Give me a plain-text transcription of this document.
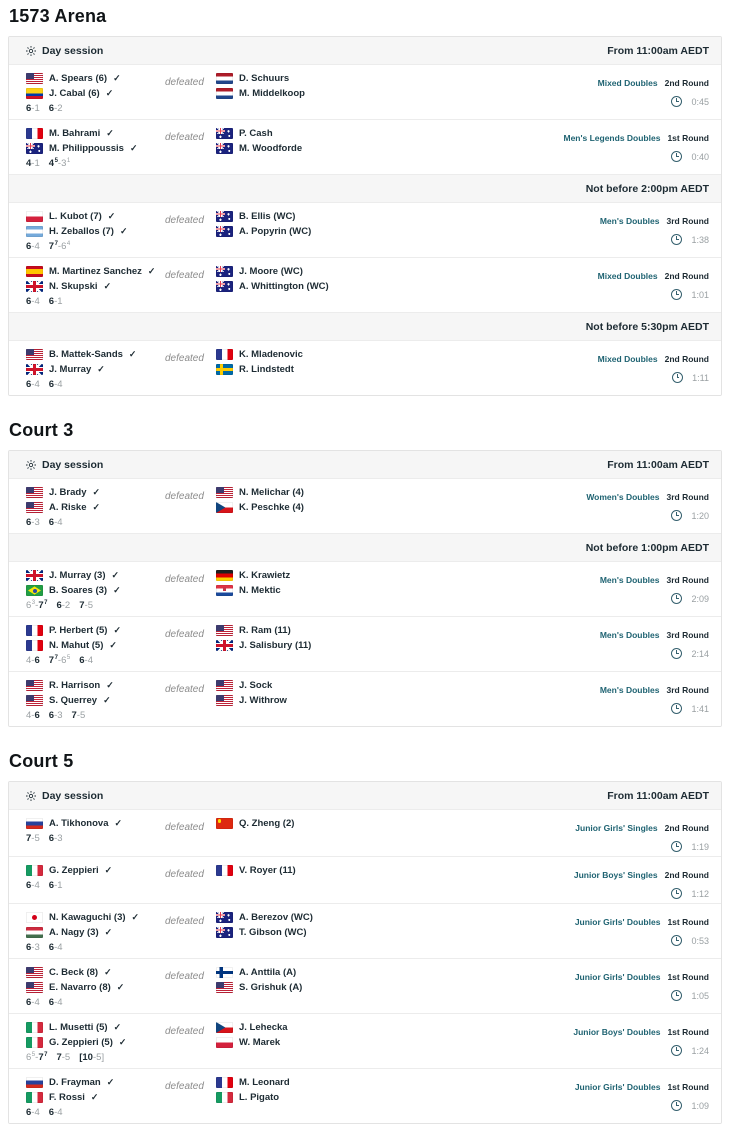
1573 Arena
Day session	From 11:00am AEDT
A. Spears (6) ✓
J. Cabal (6) ✓
6-1 6-2
defeated	D. Schuurs
M. Middelkoop
Mixed Doubles 2nd Round
0:45
M. Bahrami ✓
M. Philippoussis ✓
4-1 $4^5-3^1$
defeated	P. Cash
M. Woodforde
Men's Legends Doubles 1st Round
0:40
Not before 2:00pm AEDT
L. Kubot (7) ✓
H. Zeballos (7) ✓
6-4 $7^7-6^4$
defeated	B. Ellis (WC)
A. Popyrin (WC)
Men's Doubles 3rd Round
1:38
M. Martinez Sanchez ✓
N. Skupski ✓
6-4 6-1
defeated	J. Moore (WC)
A. Whittington (WC)
Mixed Doubles 2nd Round
1:01
Not before 5:30pm AEDT
B. Mattek-Sands ✓
J. Murray ✓
6-4 6-4
defeated	K. Mladenovic
R. Lindstedt
Mixed Doubles 2nd Round
1:11
Court 3
Day session	From 11:00am AEDT
J. Brady ✓
A. Riske ✓
6-3 6-4
defeated	N. Melichar (4)
K. Peschke (4)
Women's Doubles 3rd Round
1:20
Not before 1:00pm AEDT
J. Murray (3) ✓
B. Soares (3) ✓
$6^3-7^7$ 6-2 7-5
defeated	K. Krawietz
N. Mektic
Men's Doubles 3rd Round
2:09
P. Herbert (5) ✓
N. Mahut (5) ✓
4-6 $7^7-6^5$ 6-4
defeated	R. Ram (11)
J. Salisbury (11)
Men's Doubles 3rd Round
2:14
R. Harrison ✓
S. Querrey ✓
4-6 6-3 7-5
defeated	J. Sock
J. Withrow
Men's Doubles 3rd Round
1:41
Court 5
Day session	From 11:00am AEDT
A. Tikhonova ✓
7-5 6-3
defeated	Q. Zheng (2)	Junior Girls' Singles 2nd Round
1:19
G. Zeppieri ✓
6-4 6-1
defeated	V. Royer (11)	Junior Boys' Singles 2nd Round
1:12
N. Kawaguchi (3) ✓
A. Nagy (3) ✓
6-3 6-4
defeated	A. Berezov (WC)
T. Gibson (WC)
Junior Girls' Doubles 1st Round
0:53
C. Beck (8) ✓
E. Navarro (8) ✓
6-4 6-4
defeated	A. Anttila (A)
S. Grishuk (A)
Junior Girls' Doubles 1st Round
1:05
L. Musetti (5) ✓
G. Zeppieri (5) ✓
$6^5-7^7$ 7-5 [10-5]
defeated	J. Lehecka
W. Marek
Junior Boys' Doubles 1st Round
1:24
D. Frayman ✓
F. Rossi ✓
6-4 6-4
defeated	M. Leonard
L. Pigato
Junior Girls' Doubles 1st Round
1:09
